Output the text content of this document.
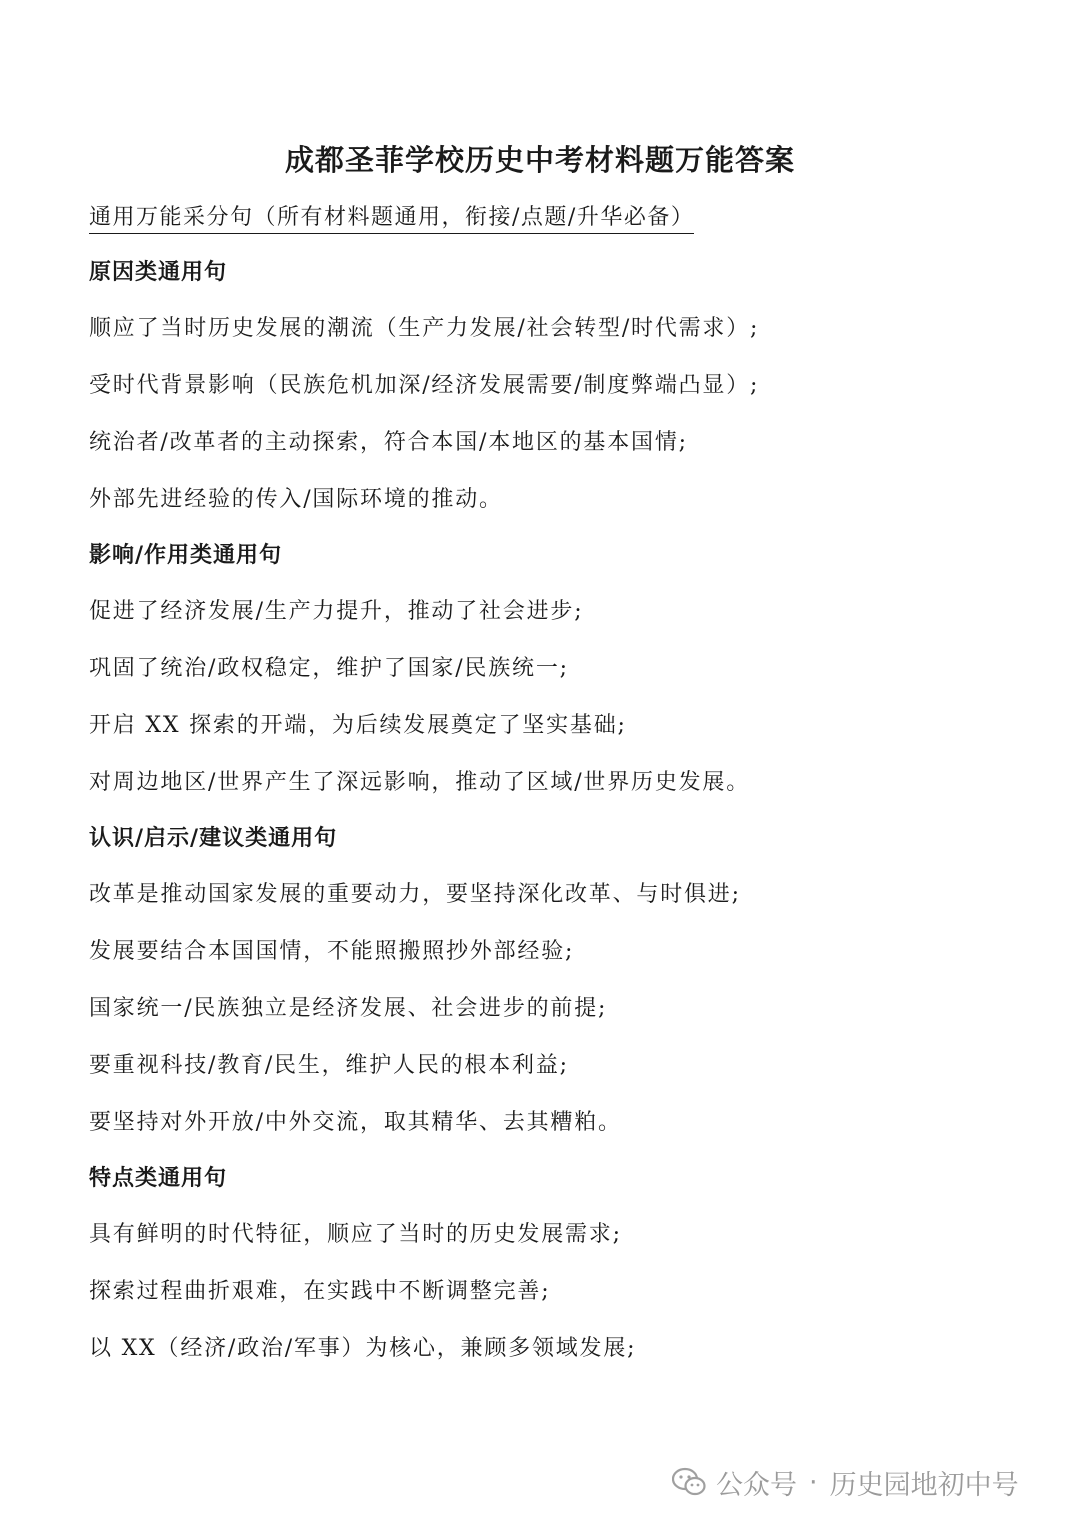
成都圣菲学校历史中考材料题万能答案
通用万能采分句（所有材料题通用，衔接/点题/升华必备）
原因类通用句
顺应了当时历史发展的潮流（生产力发展/社会转型/时代需求）;
受时代背景影响（民族危机加深/经济发展需要/制度弊端凸显）;
统治者/改革者的主动探索，符合本国/本地区的基本国情;
外部先进经验的传入/国际环境的推动。
影响/作用类通用句
促进了经济发展/生产力提升，推动了社会进步;
巩固了统治/政权稳定，维护了国家/民族统一;
开启 XX 探索的开端，为后续发展奠定了坚实基础;
对周边地区/世界产生了深远影响，推动了区域/世界历史发展。
认识/启示/建议类通用句
改革是推动国家发展的重要动力，要坚持深化改革、与时俱进;
发展要结合本国国情，不能照搬照抄外部经验;
国家统一/民族独立是经济发展、社会进步的前提;
要重视科技/教育/民生，维护人民的根本利益;
要坚持对外开放/中外交流，取其精华、去其糟粕。
特点类通用句
具有鲜明的时代特征，顺应了当时的历史发展需求;
探索过程曲折艰难，在实践中不断调整完善;
以 XX（经济/政治/军事）为核心，兼顾多领域发展;
公众号 · 历史园地初中号
